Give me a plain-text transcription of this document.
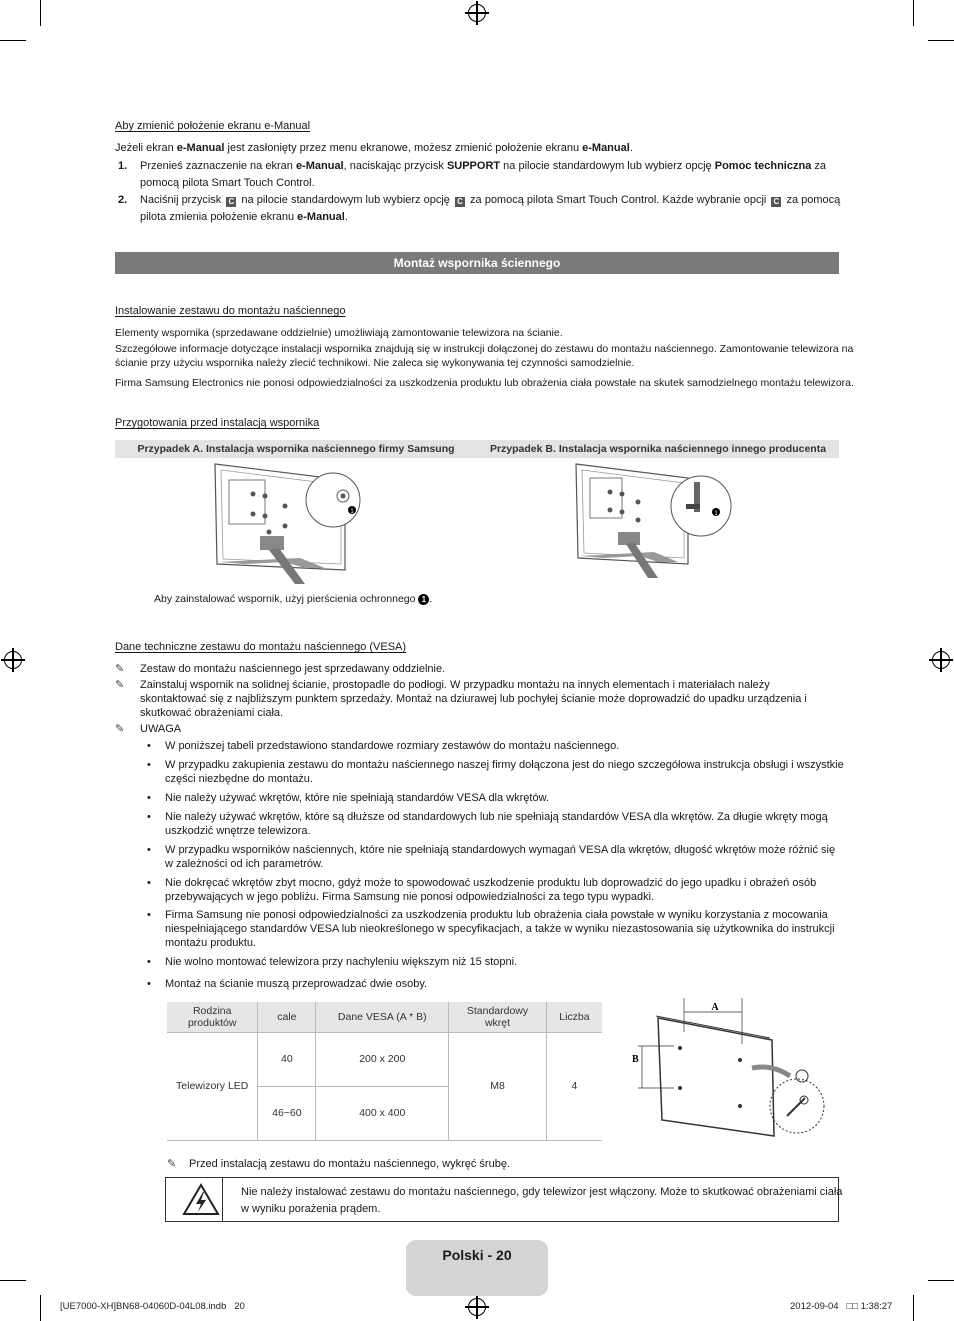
Aby zmienić położenie ekranu e-Manual
Jeżeli ekran e-Manual jest zasłonięty przez menu ekranowe, możesz zmienić położenie ekranu e-Manual.
1. Przenieś zaznaczenie na ekran e-Manual, naciskając przycisk SUPPORT na pilocie standardowym lub wybierz opcję Pomoc techniczna za
pomocą pilota Smart Touch Control.
2. Naciśnij przycisk C na pilocie standardowym lub wybierz opcję C za pomocą pilota Smart Touch Control. Każde wybranie opcji C za pomocą
pilota zmienia położenie ekranu e-Manual.
Montaż wspornika ściennego
Instalowanie zestawu do montażu naściennego
Elementy wspornika (sprzedawane oddzielnie) umożliwiają zamontowanie telewizora na ścianie.
Szczegółowe informacje dotyczące instalacji wspornika znajdują się w instrukcji dołączonej do zestawu do montażu naściennego. Zamontowanie telewizora na
ścianie przy użyciu wspornika należy zlecić technikowi. Nie zaleca się wykonywania tej czynności samodzielnie.
Firma Samsung Electronics nie ponosi odpowiedzialności za uszkodzenia produktu lub obrażenia ciała powstałe na skutek samodzielnego montażu telewizora.
Przygotowania przed instalacją wspornika
Przypadek A. Instalacja wspornika naściennego firmy Samsung	Przypadek B. Instalacja wspornika naściennego innego producenta
1	1
Aby zainstalować wspornik, użyj pierścienia ochronnego 1 .
Dane techniczne zestawu do montażu naściennego (VESA)
✎ Zestaw do montażu naściennego jest sprzedawany oddzielnie.
✎ Zainstaluj wspornik na solidnej ścianie, prostopadle do podłogi. W przypadku montażu na innych elementach i materiałach należy
skontaktować się z najbliższym punktem sprzedaży. Montaż na dziurawej lub pochyłej ścianie może doprowadzić do upadku urządzenia i
skutkować obrażeniami ciała.
✎ UWAGA
• W poniższej tabeli przedstawiono standardowe rozmiary zestawów do montażu naściennego.
• W przypadku zakupienia zestawu do montażu naściennego naszej firmy dołączona jest do niego szczegółowa instrukcja obsługi i wszystkie
części niezbędne do montażu.
• Nie należy używać wkrętów, które nie spełniają standardów VESA dla wkrętów.
• Nie należy używać wkrętów, które są dłuższe od standardowych lub nie spełniają standardów VESA dla wkrętów. Za długie wkręty mogą
uszkodzić wnętrze telewizora.
• W przypadku wsporników naściennych, które nie spełniają standardowych wymagań VESA dla wkrętów, długość wkrętów może różnić się
w zależności od ich parametrów.
• Nie dokręcać wkrętów zbyt mocno, gdyż może to spowodować uszkodzenie produktu lub doprowadzić do jego upadku i obrażeń osób
przebywających w jego pobliżu. Firma Samsung nie ponosi odpowiedzialności za tego typu wypadki.
• Firma Samsung nie ponosi odpowiedzialności za uszkodzenia produktu lub obrażenia ciała powstałe w wyniku korzystania z mocowania
niespełniającego standardów VESA lub nieokreślonego w specyfikacjach, a także w wyniku niezastosowania się użytkownika do instrukcji
montażu produktu.
• Nie wolno montować telewizora przy nachyleniu większym niż 15 stopni.
• Montaż na ścianie muszą przeprowadzać dwie osoby.
Rodzina
produktów	cale	Dane VESA (A * B)	Standardowy
wkręt	Liczba
Telewizory LED	40	200 x 200	M8	4
	46~60	400 x 400		
A
B
✎ Przed instalacją zestawu do montażu naściennego, wykręć śrubę.
Nie należy instalować zestawu do montażu naściennego, gdy telewizor jest włączony. Może to skutkować obrażeniami ciała
w wyniku porażenia prądem.
Polski - 20
[UE7000-XH]BN68-04060D-04L08.indb   20	2012-09-04   □□ 1:38:27
